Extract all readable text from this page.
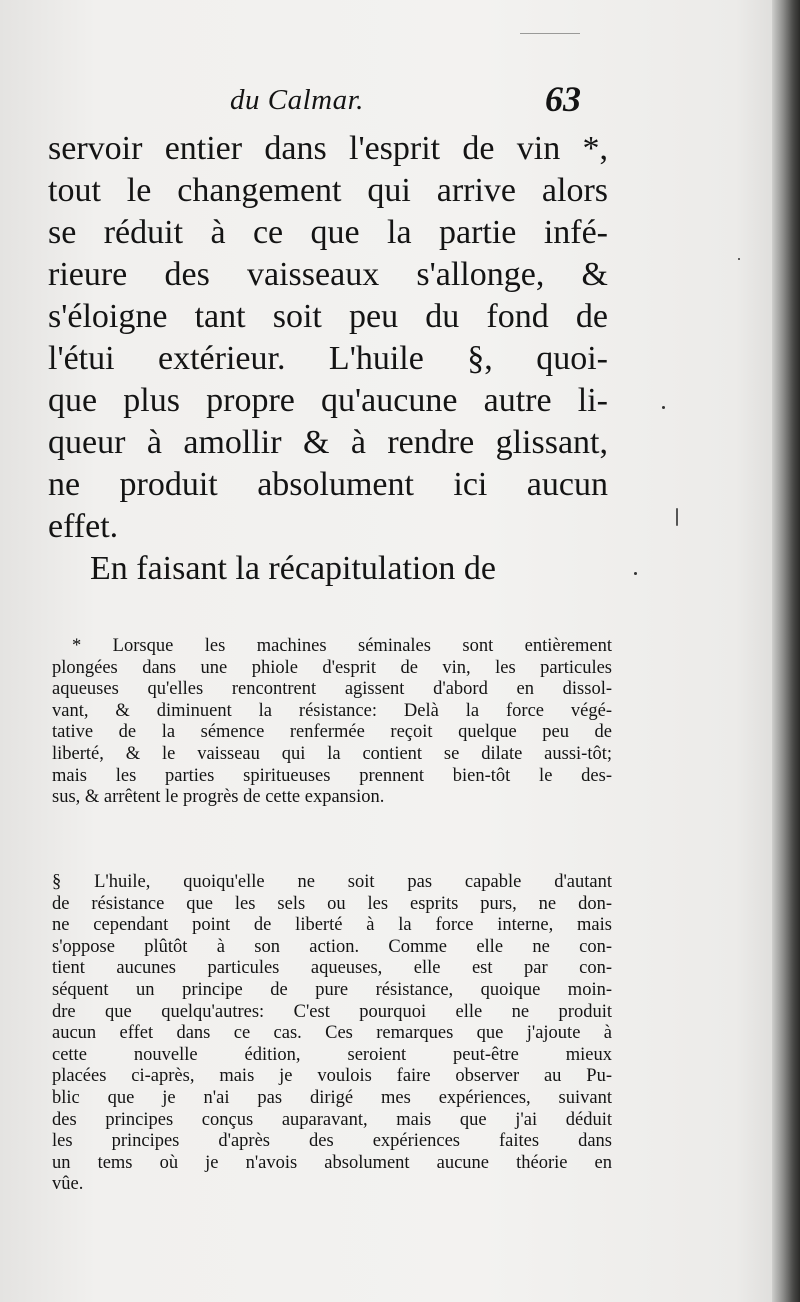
du Calmar.	63
servoir entier dans l'esprit de vin *,
tout le changement qui arrive alors
se réduit à ce que la partie infé-
rieure des vaisseaux s'allonge, &
s'éloigne tant soit peu du fond de
l'étui extérieur. L'huile §, quoi-
que plus propre qu'aucune autre li-
queur à amollir & à rendre glissant,
ne produit absolument ici aucun
effet.
En faisant la récapitulation de
* Lorsque les machines séminales sont entièrement
plongées dans une phiole d'esprit de vin, les particules
aqueuses qu'elles rencontrent agissent d'abord en dissol-
vant, & diminuent la résistance: Delà la force végé-
tative de la sémence renfermée reçoit quelque peu de
liberté, & le vaisseau qui la contient se dilate aussi-tôt;
mais les parties spiritueuses prennent bien-tôt le des-
sus, & arrêtent le progrès de cette expansion.
§ L'huile, quoiqu'elle ne soit pas capable d'autant
de résistance que les sels ou les esprits purs, ne don-
ne cependant point de liberté à la force interne, mais
s'oppose plûtôt à son action. Comme elle ne con-
tient aucunes particules aqueuses, elle est par con-
séquent un principe de pure résistance, quoique moin-
dre que quelqu'autres: C'est pourquoi elle ne produit
aucun effet dans ce cas. Ces remarques que j'ajoute à
cette nouvelle édition, seroient peut-être mieux
placées ci-après, mais je voulois faire observer au Pu-
blic que je n'ai pas dirigé mes expériences, suivant
des principes conçus auparavant, mais que j'ai déduit
les principes d'après des expériences faites dans
un tems où je n'avois absolument aucune théorie en
vûe.
